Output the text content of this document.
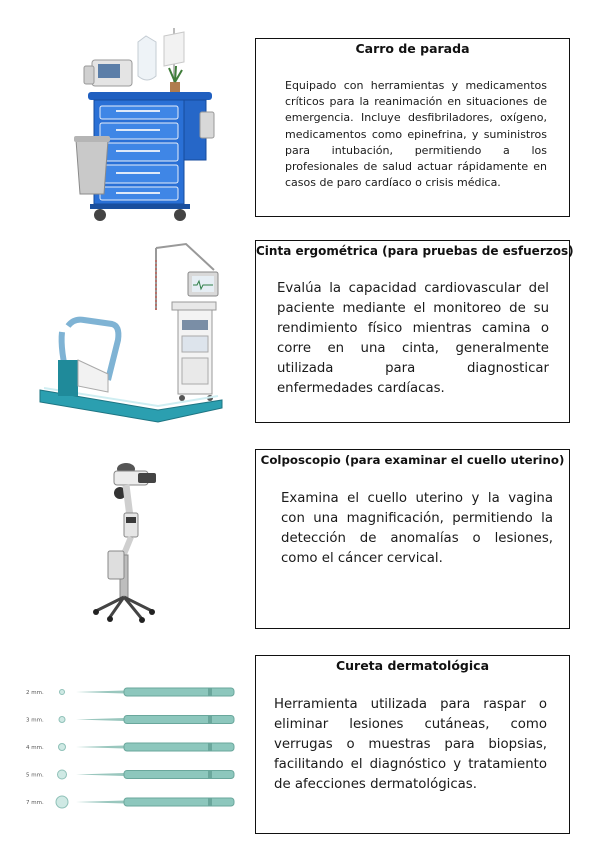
2 mm.
3 mm.
4 mm.
5 mm.
7 mm.
Carro de parada
Equipado con herramientas y medicamentos críticos para la reanimación en situaciones de emergencia. Incluye desfibriladores, oxígeno, medicamentos como epinefrina, y suministros para intubación, permitiendo a los profesionales de salud actuar rápidamente en casos de paro cardíaco o crisis médica.
Cinta ergométrica (para pruebas de esfuerzos)
Evalúa la capacidad cardiovascular del paciente mediante el monitoreo de su rendimiento físico mientras camina o corre en una cinta, generalmente utilizada para diagnosticar enfermedades cardíacas.
Colposcopio (para examinar el cuello uterino)
Examina el cuello uterino y la vagina con una magnificación, permitiendo la detección de anomalías o lesiones, como el cáncer cervical.
Cureta dermatológica
Herramienta utilizada para raspar o eliminar lesiones cutáneas, como verrugas o muestras para biopsias, facilitando el diagnóstico y tratamiento de afecciones dermatológicas.
